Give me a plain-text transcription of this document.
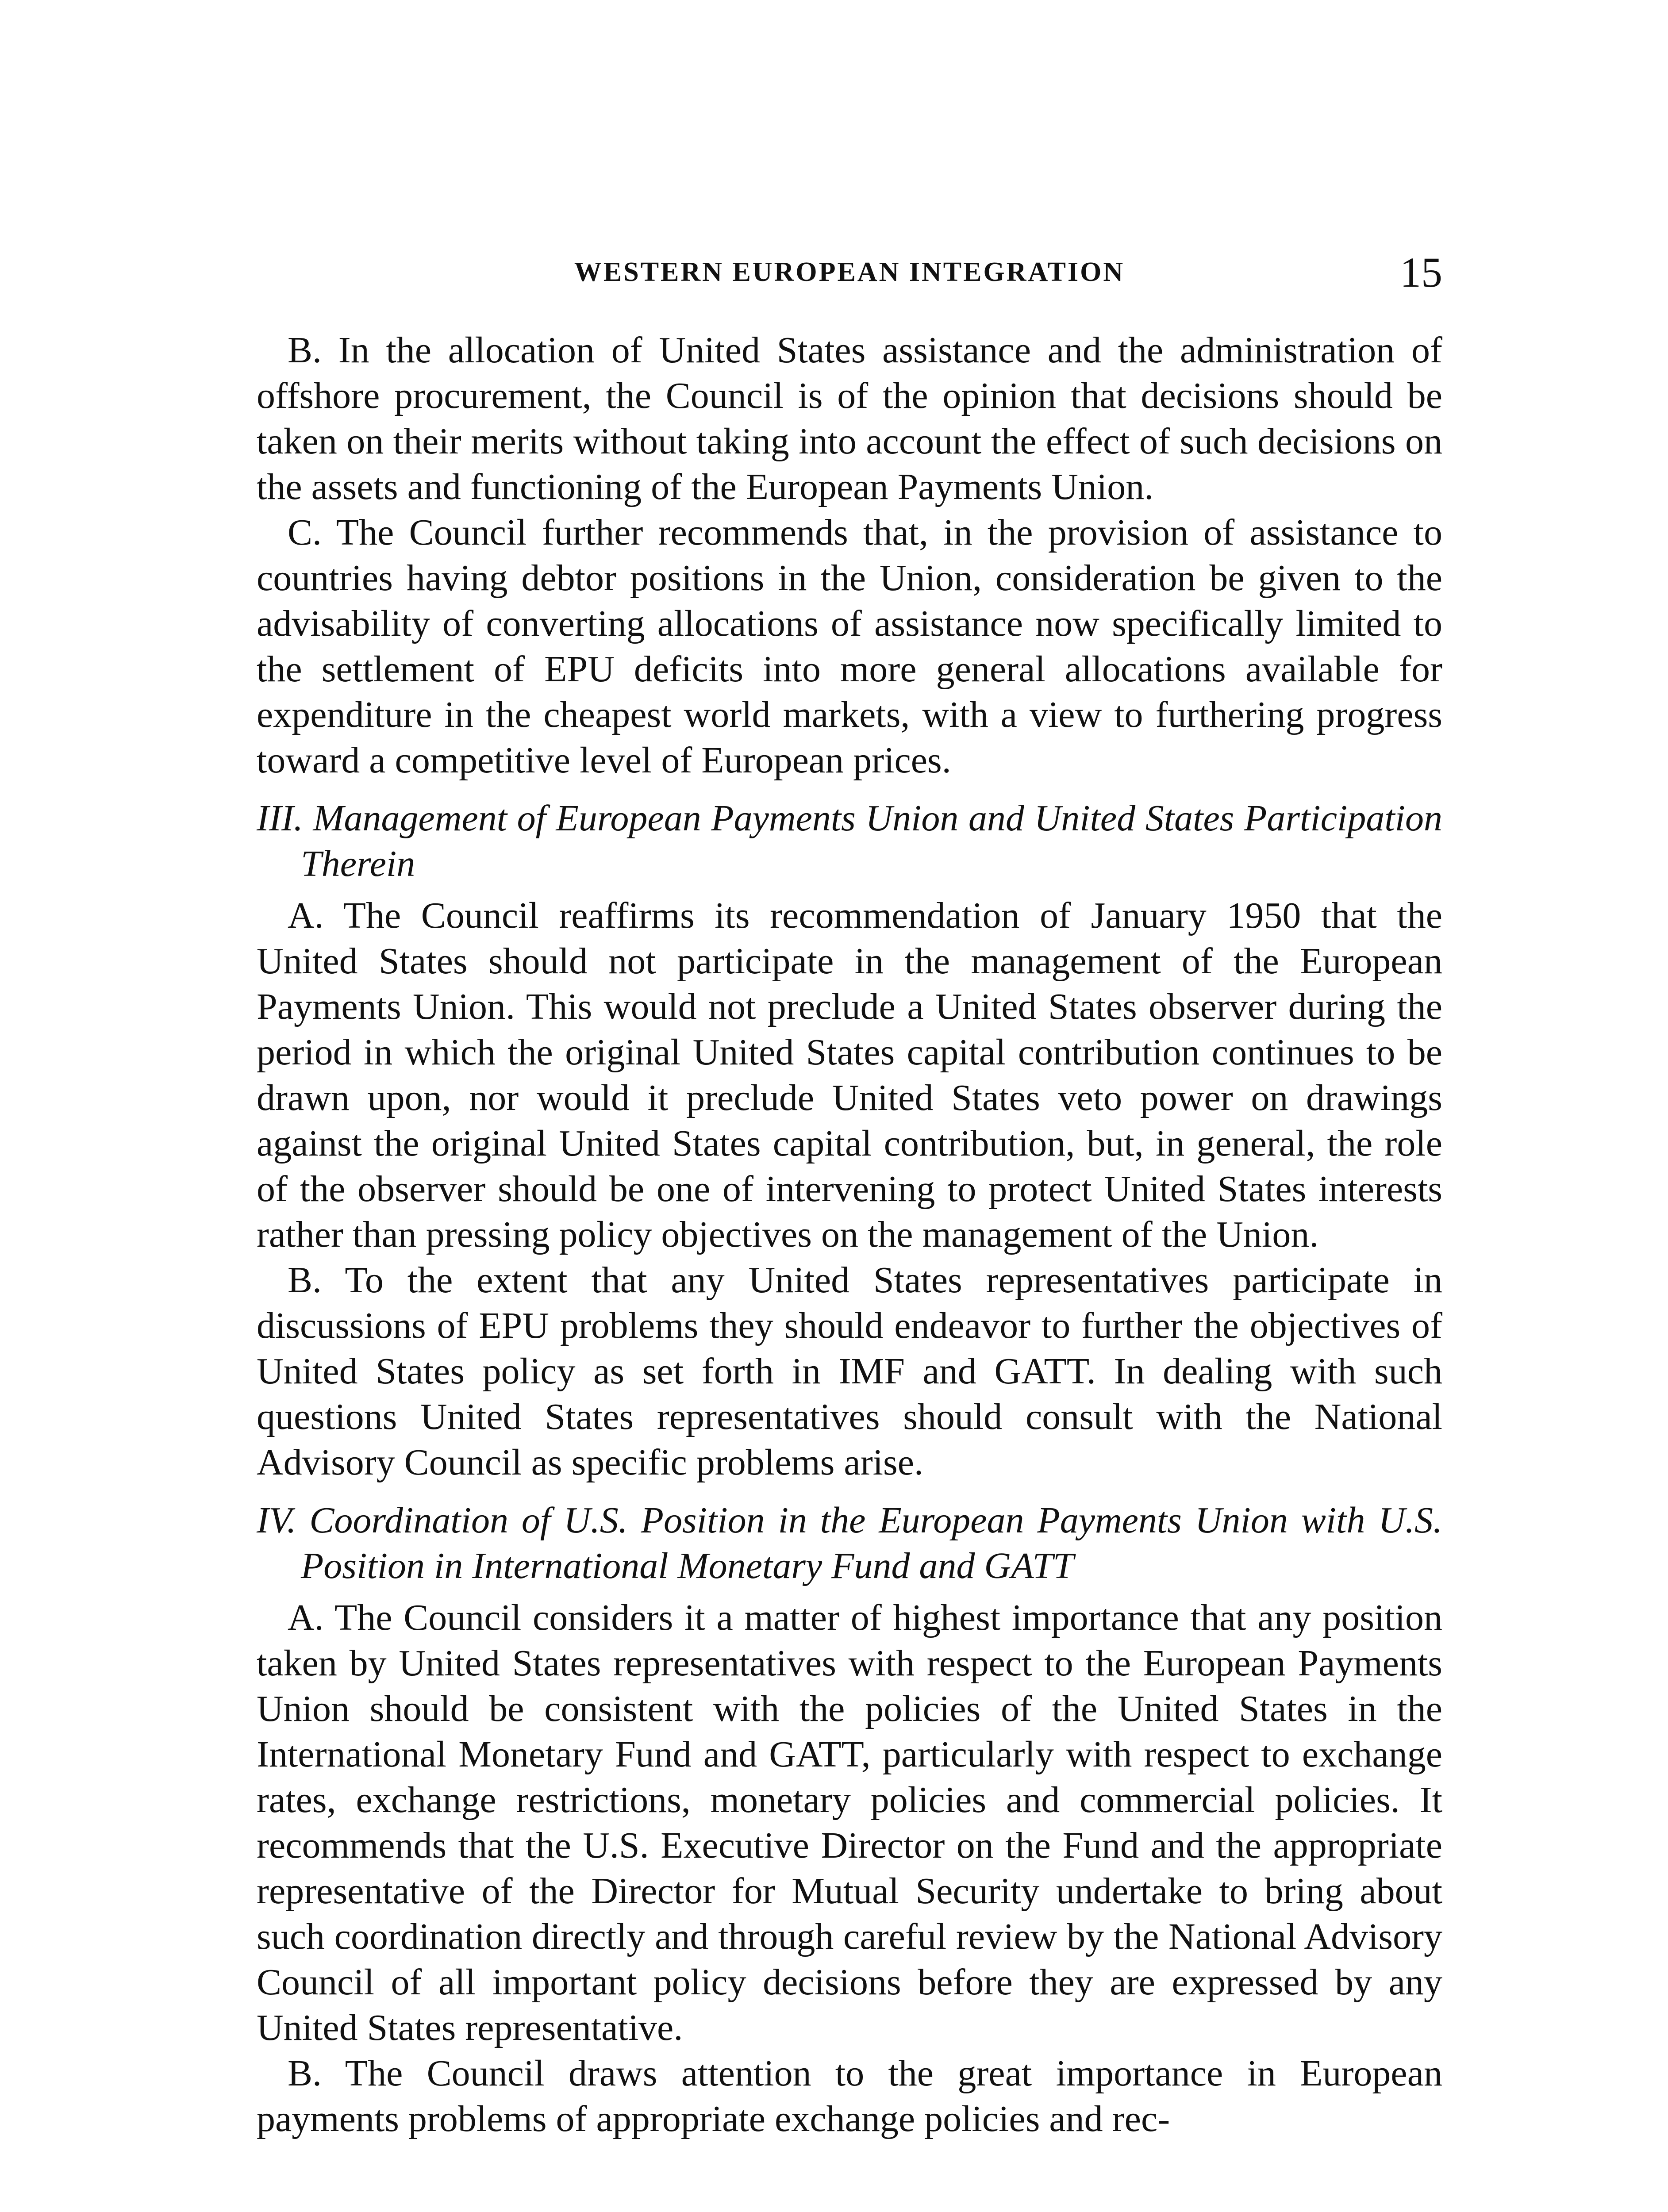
WESTERN EUROPEAN INTEGRATION	15

B. In the allocation of United States assistance and the administration of offshore procurement, the Council is of the opinion that decisions should be taken on their merits without taking into account the effect of such decisions on the assets and functioning of the European Payments Union.

C. The Council further recommends that, in the provision of assistance to countries having debtor positions in the Union, consideration be given to the advisability of converting allocations of assistance now specifically limited to the settlement of EPU deficits into more general allocations available for expenditure in the cheapest world markets, with a view to furthering progress toward a competitive level of European prices.

III. Management of European Payments Union and United States Participation Therein

A. The Council reaffirms its recommendation of January 1950 that the United States should not participate in the management of the European Payments Union. This would not preclude a United States observer during the period in which the original United States capital contribution continues to be drawn upon, nor would it preclude United States veto power on drawings against the original United States capital contribution, but, in general, the role of the observer should be one of intervening to protect United States interests rather than pressing policy objectives on the management of the Union.

B. To the extent that any United States representatives participate in discussions of EPU problems they should endeavor to further the objectives of United States policy as set forth in IMF and GATT. In dealing with such questions United States representatives should consult with the National Advisory Council as specific problems arise.

IV. Coordination of U.S. Position in the European Payments Union with U.S. Position in International Monetary Fund and GATT

A. The Council considers it a matter of highest importance that any position taken by United States representatives with respect to the European Payments Union should be consistent with the policies of the United States in the International Monetary Fund and GATT, particularly with respect to exchange rates, exchange restrictions, monetary policies and commercial policies. It recommends that the U.S. Executive Director on the Fund and the appropriate representative of the Director for Mutual Security undertake to bring about such coordination directly and through careful review by the National Advisory Council of all important policy decisions before they are expressed by any United States representative.

B. The Council draws attention to the great importance in European payments problems of appropriate exchange policies and rec-
